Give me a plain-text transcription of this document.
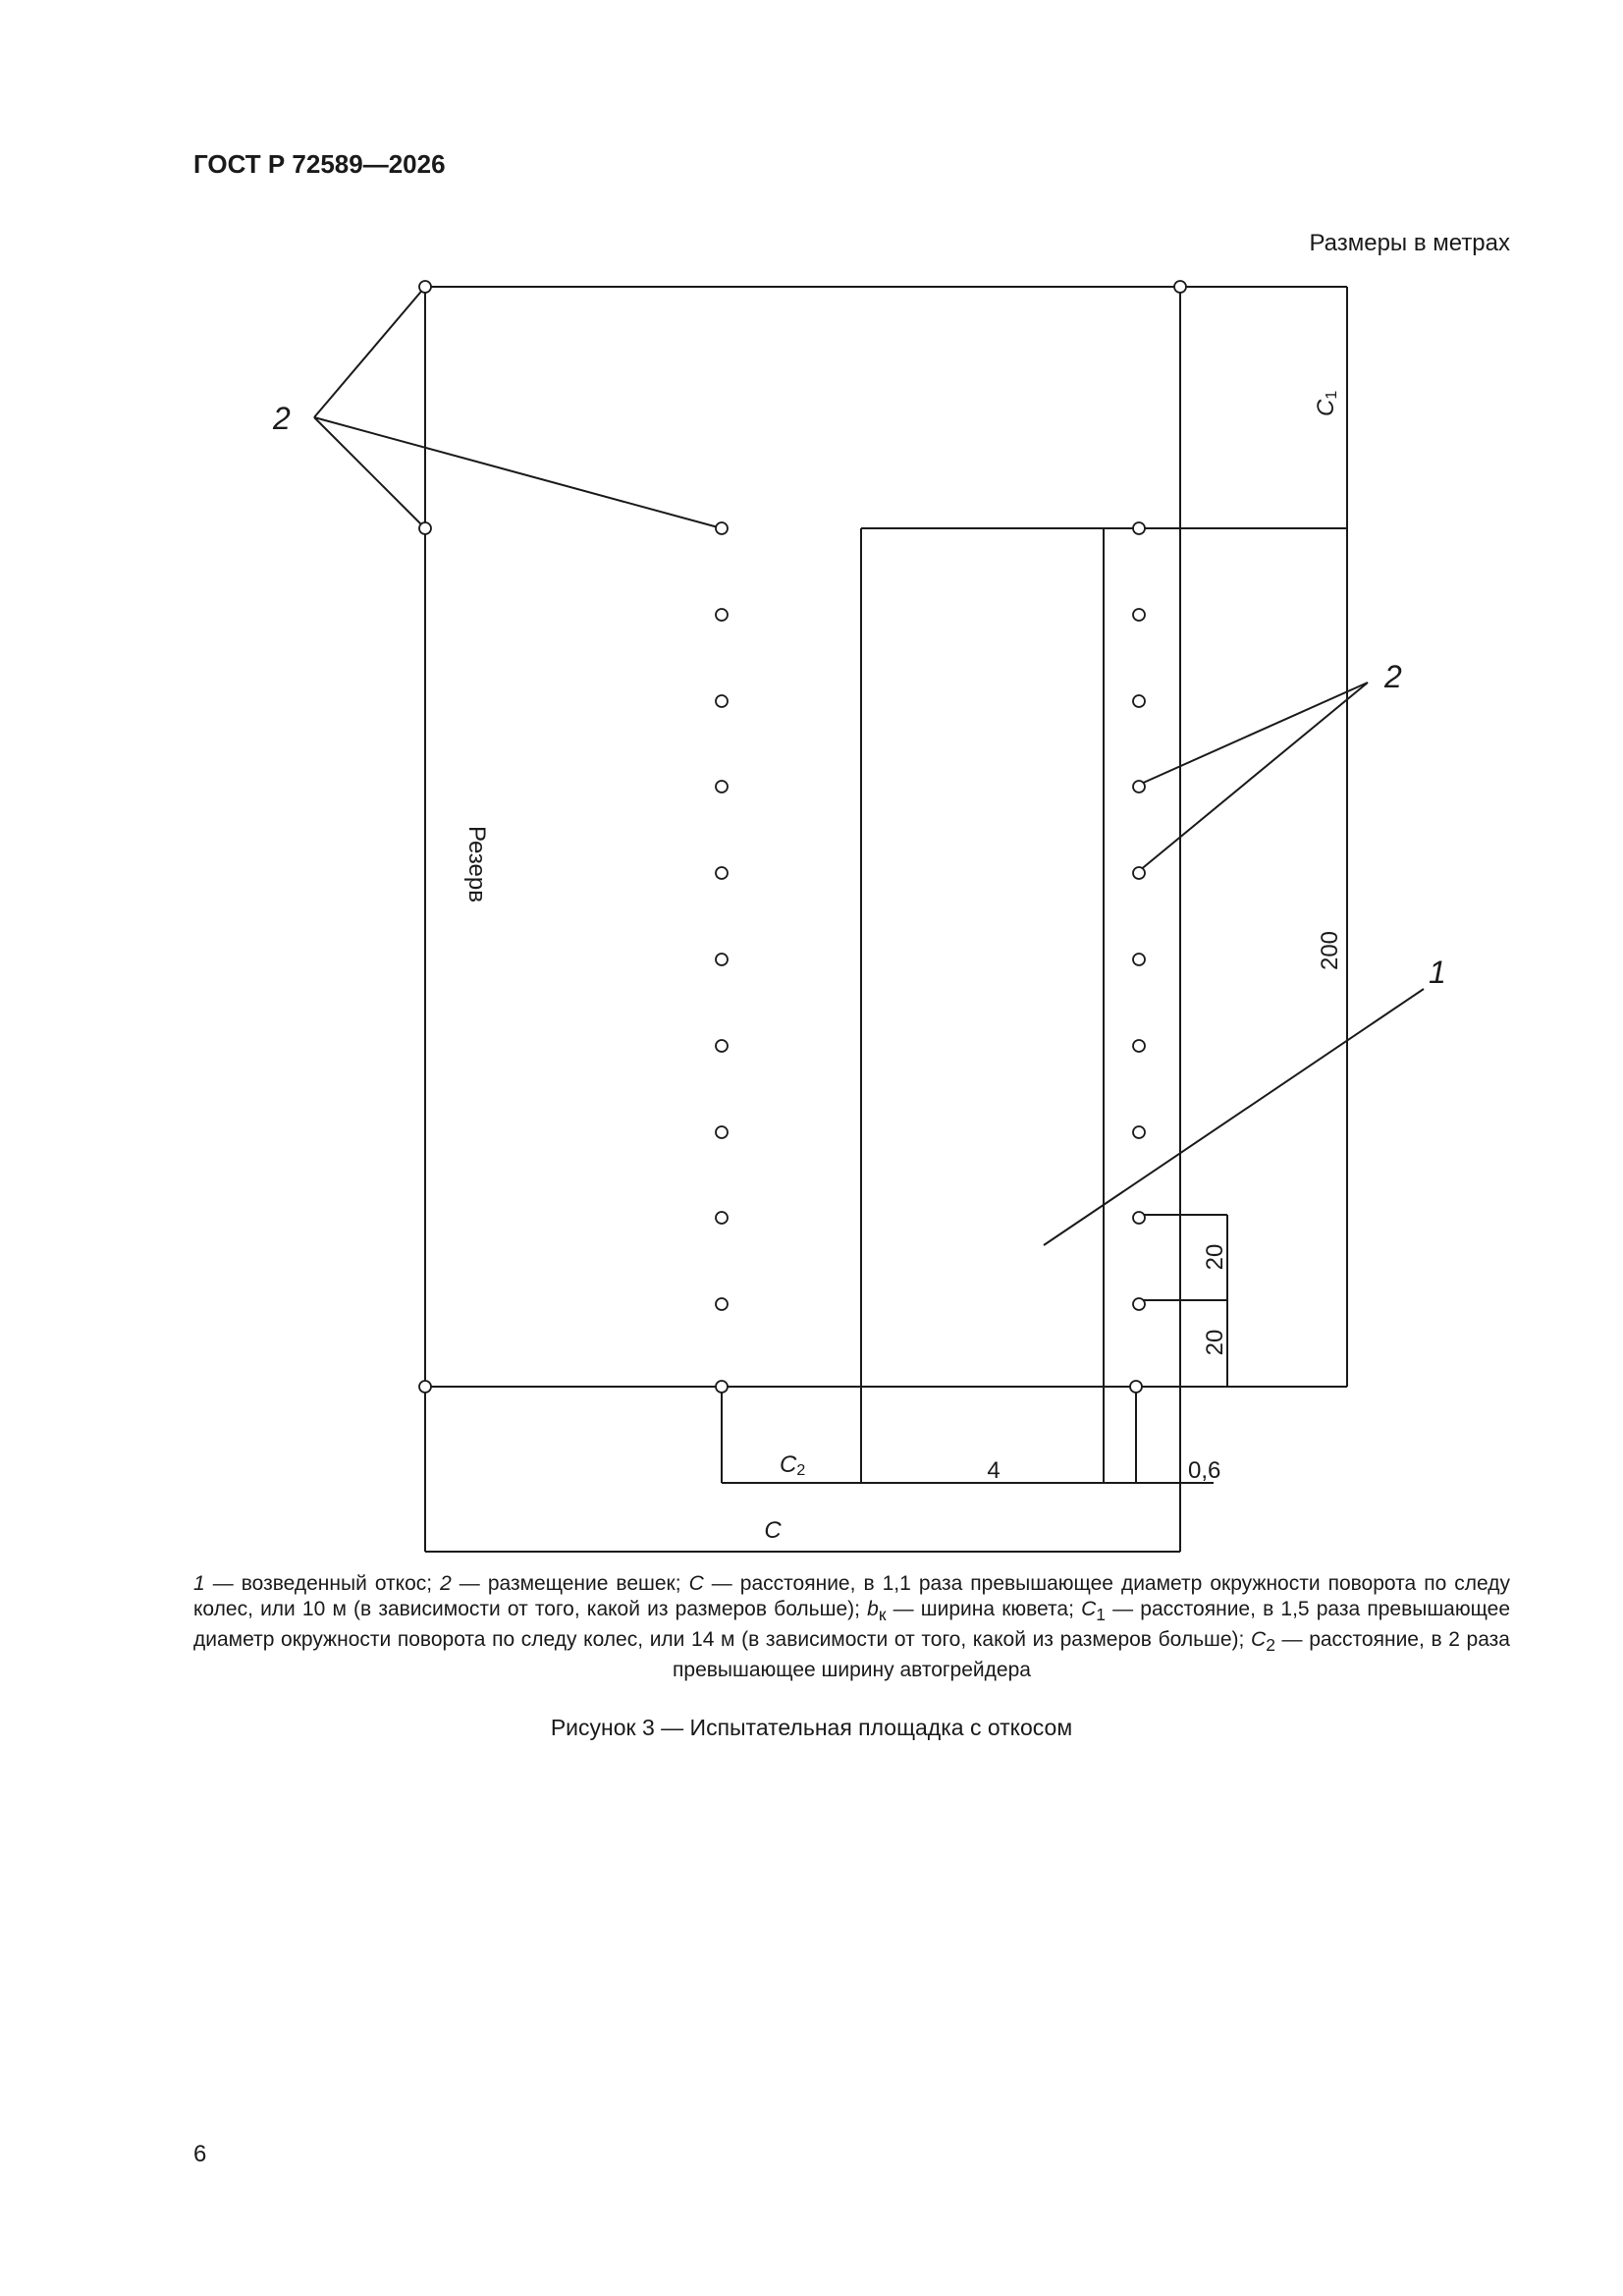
ГОСТ Р 72589—2026
Размеры в метрах
2
2
1
Резерв
200
20
20
4	0,6
C
C2
C1
1 — возведенный откос; 2 — размещение вешек; C — расстояние, в 1,1 раза превышающее диаметр окружности поворота по следу колес, или 10 м (в зависимости от того, какой из размеров больше); $b_к$ — ширина кювета; $C_1$ — расстояние, в 1,5 раза превышающее диаметр окружности поворота по следу колес, или 14 м (в зависимости от того, какой из размеров больше); $C_2$ — расстояние, в 2 раза превышающее ширину автогрейдера
Рисунок 3 — Испытательная площадка с откосом
6
